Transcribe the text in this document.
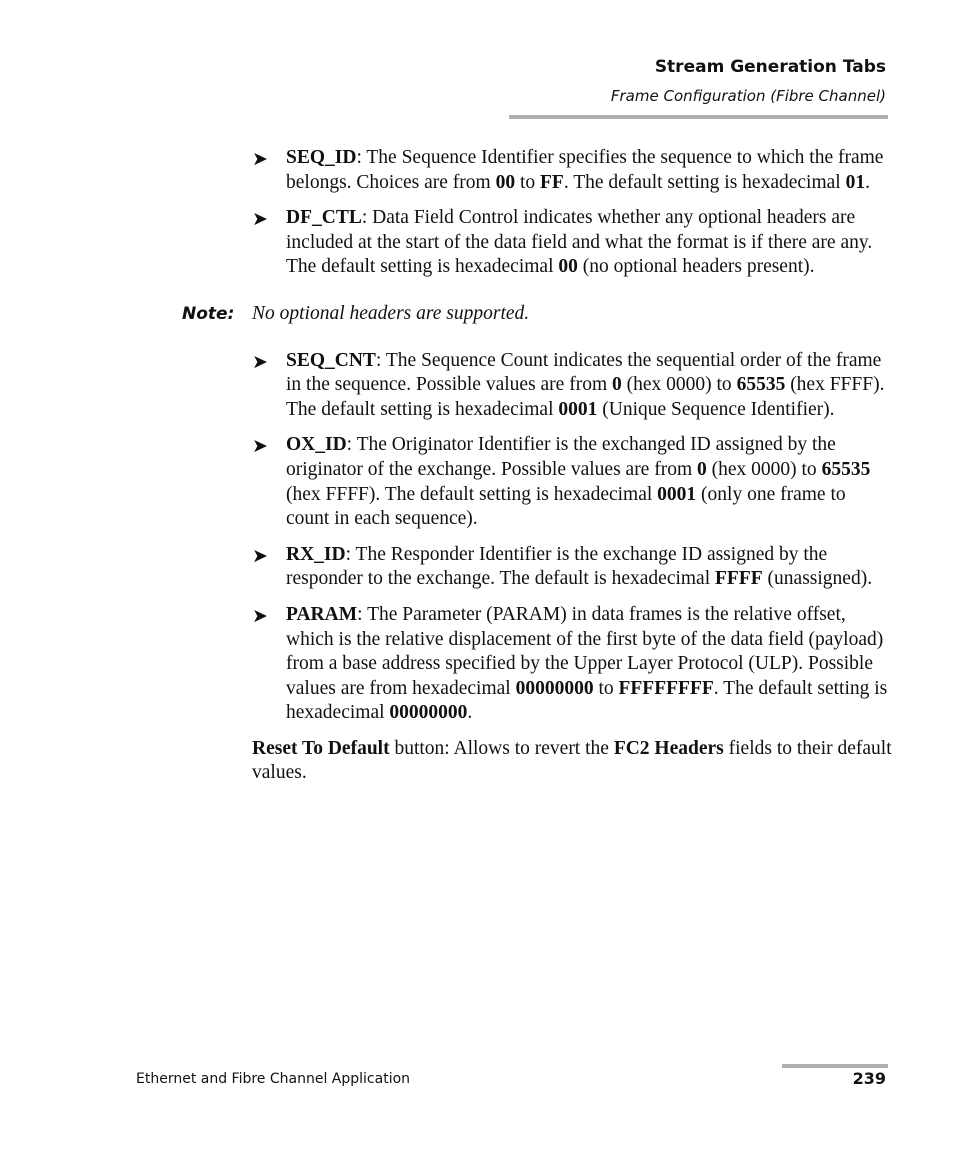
Stream Generation Tabs
Frame Configuration (Fibre Channel)
➤ SEQ_ID: The Sequence Identifier specifies the sequence to which the frame belongs. Choices are from 00 to FF. The default setting is hexadecimal 01.
➤ DF_CTL: Data Field Control indicates whether any optional headers are included at the start of the data field and what the format is if there are any. The default setting is hexadecimal 00 (no optional headers present).
Note: No optional headers are supported.
➤ SEQ_CNT: The Sequence Count indicates the sequential order of the frame in the sequence. Possible values are from 0 (hex 0000) to 65535 (hex FFFF). The default setting is hexadecimal 0001 (Unique Sequence Identifier).
➤ OX_ID: The Originator Identifier is the exchanged ID assigned by the originator of the exchange. Possible values are from 0 (hex 0000) to 65535 (hex FFFF). The default setting is hexadecimal 0001 (only one frame to count in each sequence).
➤ RX_ID: The Responder Identifier is the exchange ID assigned by the responder to the exchange. The default is hexadecimal FFFF (unassigned).
➤ PARAM: The Parameter (PARAM) in data frames is the relative offset, which is the relative displacement of the first byte of the data field (payload) from a base address specified by the Upper Layer Protocol (ULP). Possible values are from hexadecimal 00000000 to FFFFFFFF. The default setting is hexadecimal 00000000.
Reset To Default button: Allows to revert the FC2 Headers fields to their default values.
Ethernet and Fibre Channel Application	239
